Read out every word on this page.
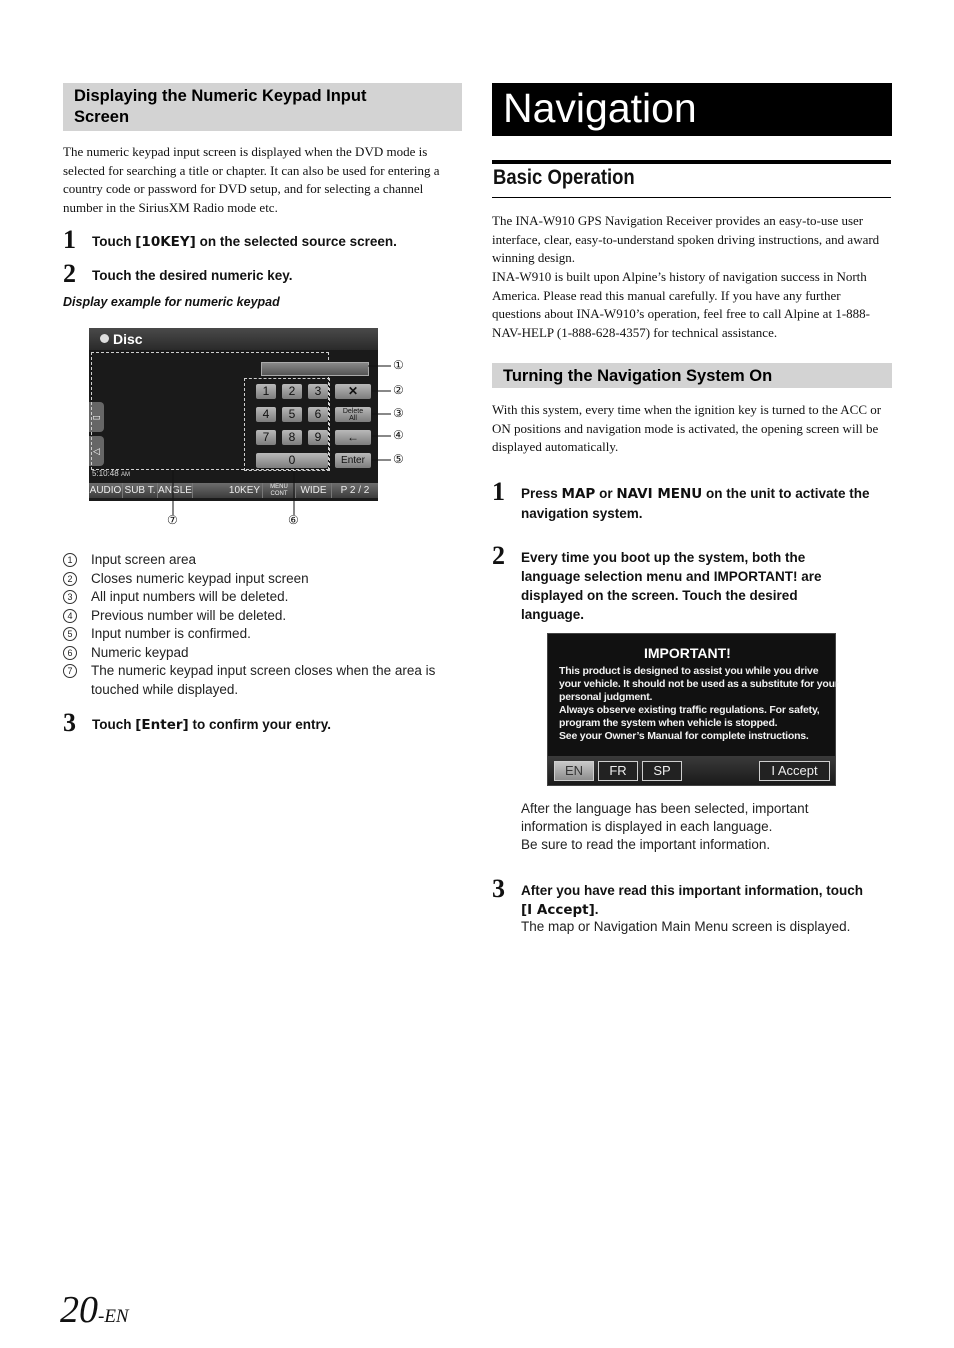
Displaying the Numeric Keypad Input
Screen
The numeric keypad input screen is displayed when the DVD mode is selected for searching a title or chapter. It can also be used for entering a country code or password for DVD setup, and for selecting a channel number in the SiriusXM Radio mode etc.
1 Touch [10KEY] on the selected source screen.
2 Touch the desired numeric key.
Display example for numeric keypad
Disc
▭
◁
1	2	3
4	5	6
7	8	9
0
✕
Delete
All
←
Enter
5:10:48 AM
AUDIO SUB T. ANGLE	10KEY	MENU CONT	WIDE	P 2 / 2
①
②
③
④
⑤
⑥
⑦
1	Input screen area
2	Closes numeric keypad input screen
3	All input numbers will be deleted.
4	Previous number will be deleted.
5	Input number is confirmed.
6	Numeric keypad
7	The numeric keypad input screen closes when the area is touched while displayed.
3 Touch [Enter] to confirm your entry.
Navigation
Basic Operation
The INA-W910 GPS Navigation Receiver provides an easy-to-use user interface, clear, easy-to-understand spoken driving instructions, and award winning design.
INA-W910 is built upon Alpine’s history of navigation success in North America. Please read this manual carefully. If you have any further questions about INA-W910’s operation, feel free to call Alpine at 1-888-NAV-HELP (1-888-628-4357) for technical assistance.
Turning the Navigation System On
With this system, every time when the ignition key is turned to the ACC or ON positions and navigation mode is activated, the opening screen will be displayed automatically.
1 Press MAP or NAVI MENU on the unit to activate the navigation system.
2 Every time you boot up the system, both the language selection menu and IMPORTANT! are displayed on the screen. Touch the desired language.
IMPORTANT!
This product is designed to assist you while you drive your vehicle. It should not be used as a substitute for your personal judgment.
Always observe existing traffic regulations. For safety, program the system when vehicle is stopped.
See your Owner’s Manual for complete instructions.
EN	FR	SP	I Accept
After the language has been selected, important information is displayed in each language.
Be sure to read the important information.
3 After you have read this important information, touch [I Accept].
The map or Navigation Main Menu screen is displayed.
20-EN
